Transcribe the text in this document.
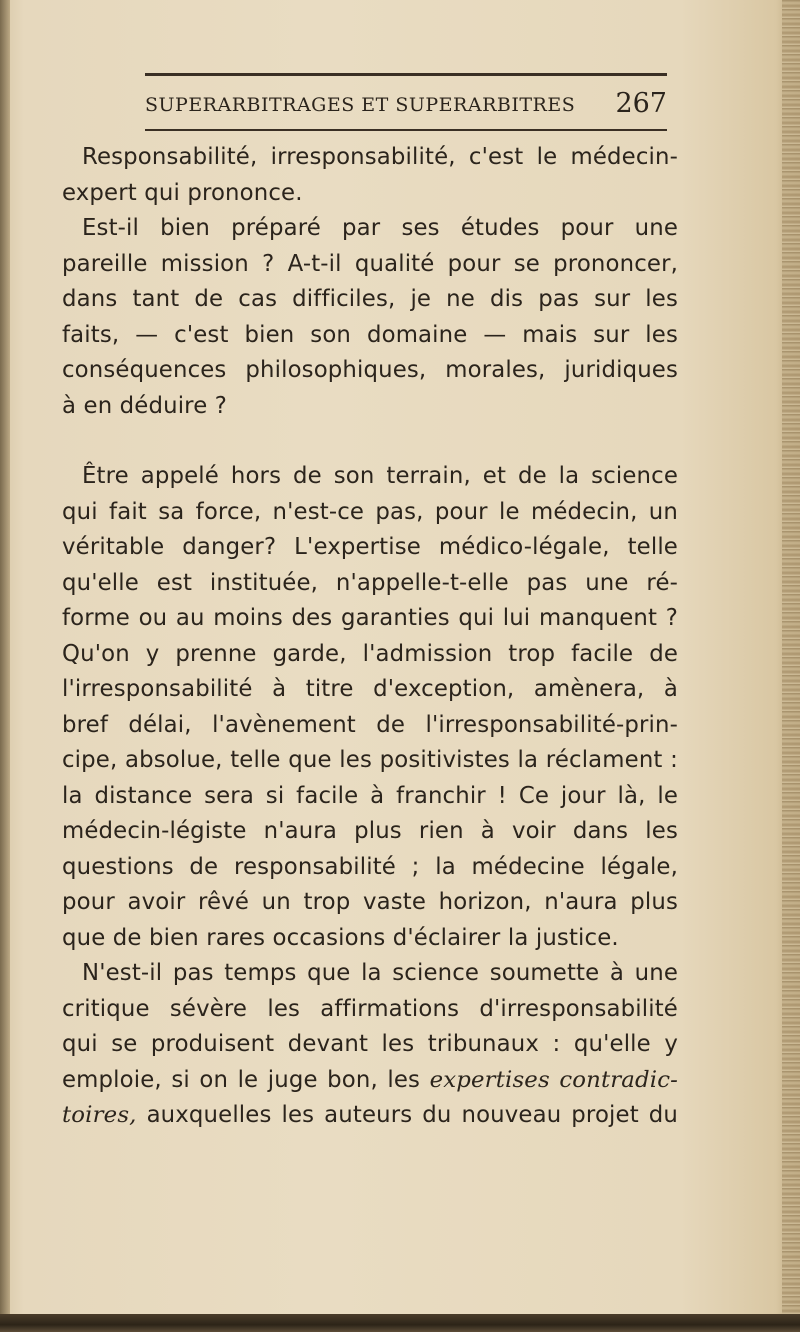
SUPERARBITRAGES ET SUPERARBITRES 267
Responsabilité, irresponsabilité, c'est le médecin-
expert qui prononce.
Est-il bien préparé par ses études pour une
pareille mission ? A-t-il qualité pour se prononcer,
dans tant de cas difficiles, je ne dis pas sur les
faits, — c'est bien son domaine — mais sur les
conséquences philosophiques, morales, juridiques
à en déduire ?
Être appelé hors de son terrain, et de la science
qui fait sa force, n'est-ce pas, pour le médecin, un
véritable danger? L'expertise médico-légale, telle
qu'elle est instituée, n'appelle-t-elle pas une ré-
forme ou au moins des garanties qui lui manquent ?
Qu'on y prenne garde, l'admission trop facile de
l'irresponsabilité à titre d'exception, amènera, à
bref délai, l'avènement de l'irresponsabilité-prin-
cipe, absolue, telle que les positivistes la réclament :
la distance sera si facile à franchir ! Ce jour là, le
médecin-légiste n'aura plus rien à voir dans les
questions de responsabilité ; la médecine légale,
pour avoir rêvé un trop vaste horizon, n'aura plus
que de bien rares occasions d'éclairer la justice.
N'est-il pas temps que la science soumette à une
critique sévère les affirmations d'irresponsabilité
qui se produisent devant les tribunaux : qu'elle y
emploie, si on le juge bon, les expertises contradic-
toires, auxquelles les auteurs du nouveau projet du
